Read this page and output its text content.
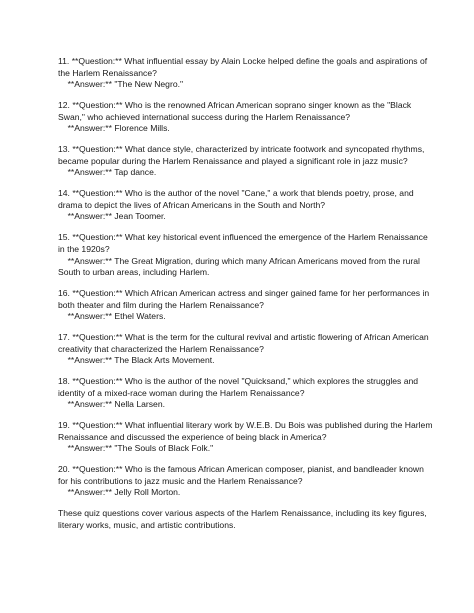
11. **Question:** What influential essay by Alain Locke helped define the goals and aspirations of the Harlem Renaissance?

**Answer:** "The New Negro."

12. **Question:** Who is the renowned African American soprano singer known as the "Black Swan," who achieved international success during the Harlem Renaissance?

**Answer:** Florence Mills.

13. **Question:** What dance style, characterized by intricate footwork and syncopated rhythms, became popular during the Harlem Renaissance and played a significant role in jazz music?

**Answer:** Tap dance.

14. **Question:** Who is the author of the novel "Cane," a work that blends poetry, prose, and drama to depict the lives of African Americans in the South and North?

**Answer:** Jean Toomer.

15. **Question:** What key historical event influenced the emergence of the Harlem Renaissance in the 1920s?

**Answer:** The Great Migration, during which many African Americans moved from the rural South to urban areas, including Harlem.

16. **Question:** Which African American actress and singer gained fame for her performances in both theater and film during the Harlem Renaissance?

**Answer:** Ethel Waters.

17. **Question:** What is the term for the cultural revival and artistic flowering of African American creativity that characterized the Harlem Renaissance?

**Answer:** The Black Arts Movement.

18. **Question:** Who is the author of the novel "Quicksand," which explores the struggles and identity of a mixed-race woman during the Harlem Renaissance?

**Answer:** Nella Larsen.

19. **Question:** What influential literary work by W.E.B. Du Bois was published during the Harlem Renaissance and discussed the experience of being black in America?

**Answer:** "The Souls of Black Folk."

20. **Question:** Who is the famous African American composer, pianist, and bandleader known for his contributions to jazz music and the Harlem Renaissance?

**Answer:** Jelly Roll Morton.

These quiz questions cover various aspects of the Harlem Renaissance, including its key figures, literary works, music, and artistic contributions.
